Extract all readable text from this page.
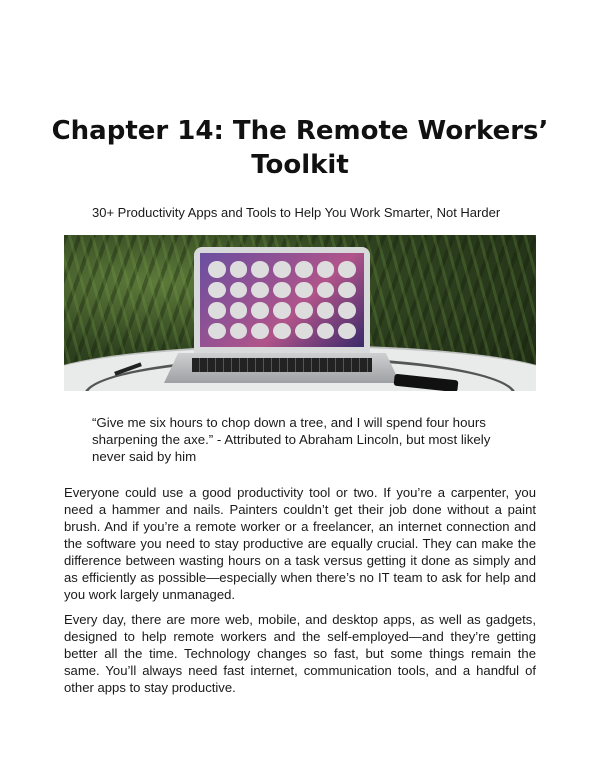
Chapter 14: The Remote Workers’ Toolkit

30+ Productivity Apps and Tools to Help You Work Smarter, Not Harder

“Give me six hours to chop down a tree, and I will spend four hours sharpening the axe.” - Attributed to Abraham Lincoln, but most likely never said by him

Everyone could use a good productivity tool or two. If you’re a carpenter, you need a hammer and nails. Painters couldn’t get their job done without a paint brush. And if you’re a remote worker or a freelancer, an internet connection and the software you need to stay productive are equally crucial. They can make the difference between wasting hours on a task versus getting it done as simply and as efficiently as possible—especially when there’s no IT team to ask for help and you work largely unmanaged.

Every day, there are more web, mobile, and desktop apps, as well as gadgets, designed to help remote workers and the self-employed—and they’re getting better all the time. Technology changes so fast, but some things remain the same. You’ll always need fast internet, communication tools, and a handful of other apps to stay productive.
